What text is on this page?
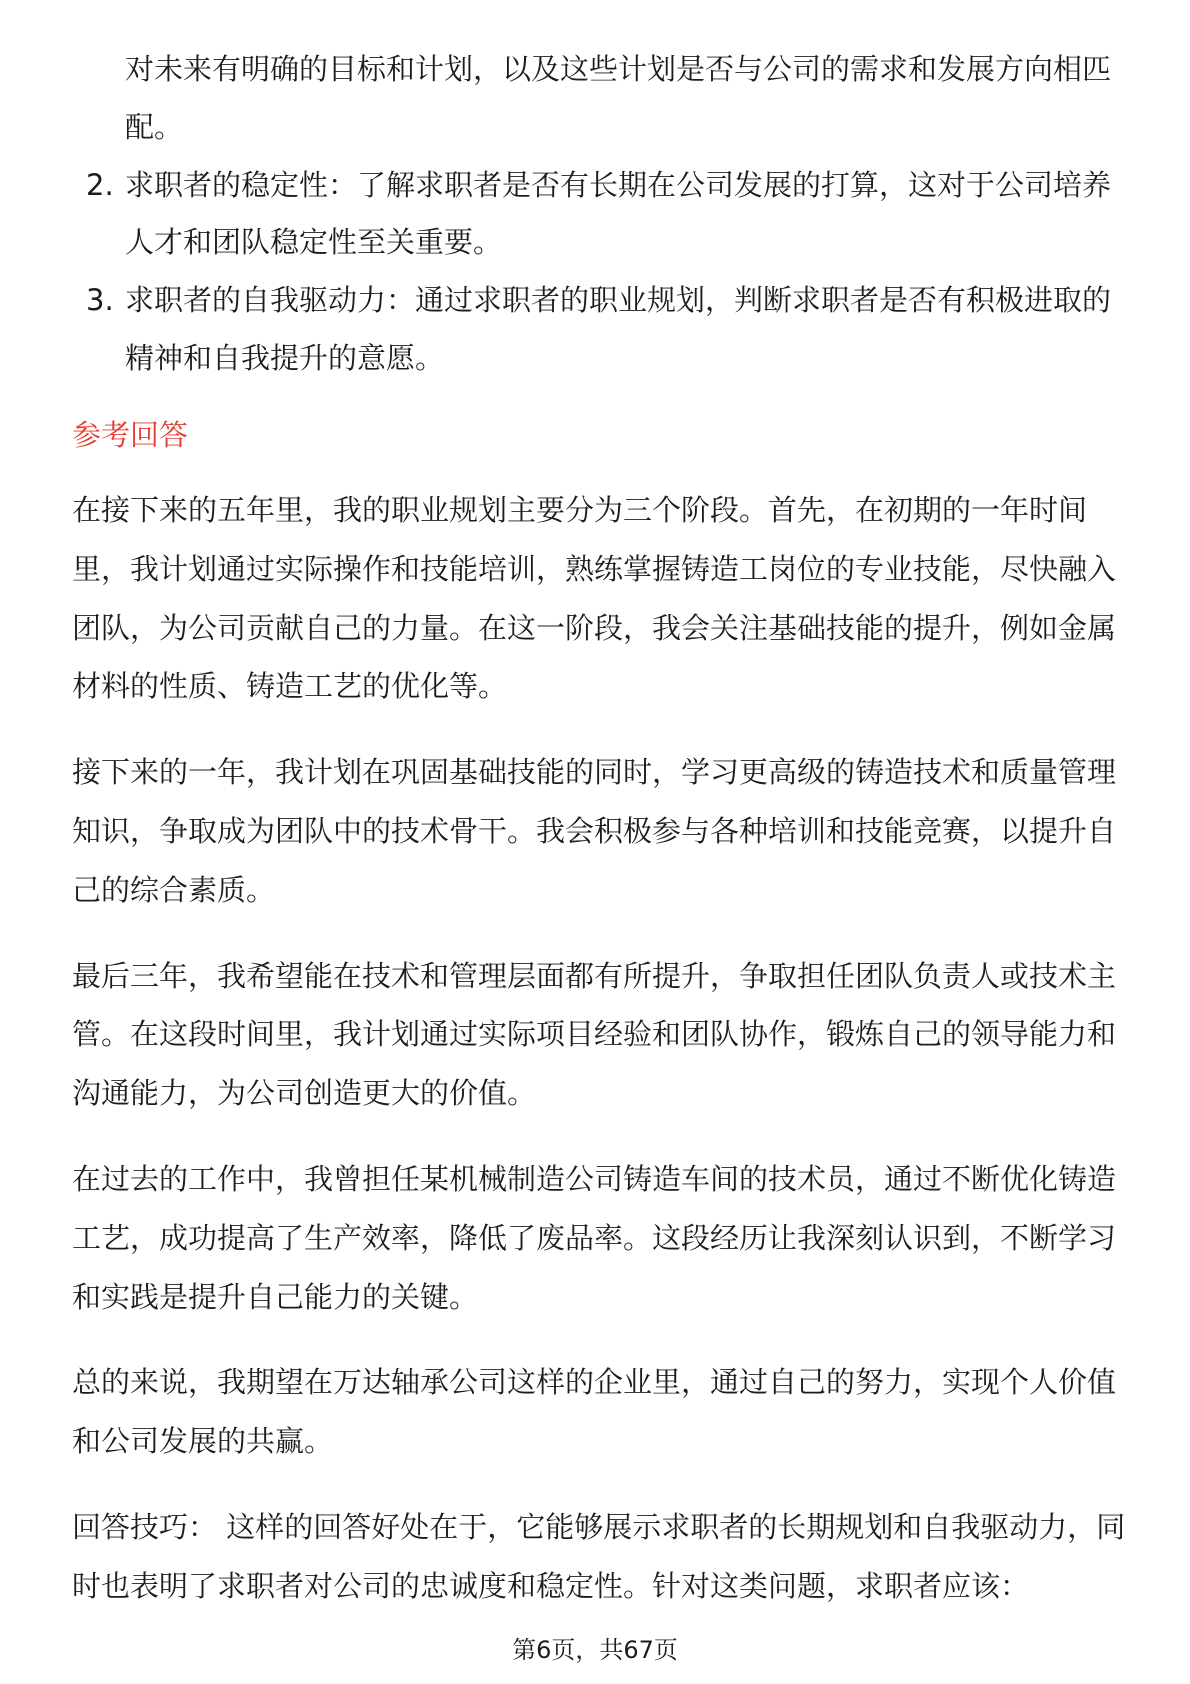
对未来有明确的目标和计划，以及这些计划是否与公司的需求和发展方向相匹配。

2. 求职者的稳定性：了解求职者是否有长期在公司发展的打算，这对于公司培养人才和团队稳定性至关重要。

3. 求职者的自我驱动力：通过求职者的职业规划，判断求职者是否有积极进取的精神和自我提升的意愿。

参考回答

在接下来的五年里，我的职业规划主要分为三个阶段。首先，在初期的一年时间里，我计划通过实际操作和技能培训，熟练掌握铸造工岗位的专业技能，尽快融入团队，为公司贡献自己的力量。在这一阶段，我会关注基础技能的提升，例如金属材料的性质、铸造工艺的优化等。

接下来的一年，我计划在巩固基础技能的同时，学习更高级的铸造技术和质量管理知识，争取成为团队中的技术骨干。我会积极参与各种培训和技能竞赛，以提升自己的综合素质。

最后三年，我希望能在技术和管理层面都有所提升，争取担任团队负责人或技术主管。在这段时间里，我计划通过实际项目经验和团队协作，锻炼自己的领导能力和沟通能力，为公司创造更大的价值。

在过去的工作中，我曾担任某机械制造公司铸造车间的技术员，通过不断优化铸造工艺，成功提高了生产效率，降低了废品率。这段经历让我深刻认识到，不断学习和实践是提升自己能力的关键。

总的来说，我期望在万达轴承公司这样的企业里，通过自己的努力，实现个人价值和公司发展的共赢。

回答技巧： 这样的回答好处在于，它能够展示求职者的长期规划和自我驱动力，同时也表明了求职者对公司的忠诚度和稳定性。针对这类问题，求职者应该：

第6页，共67页
